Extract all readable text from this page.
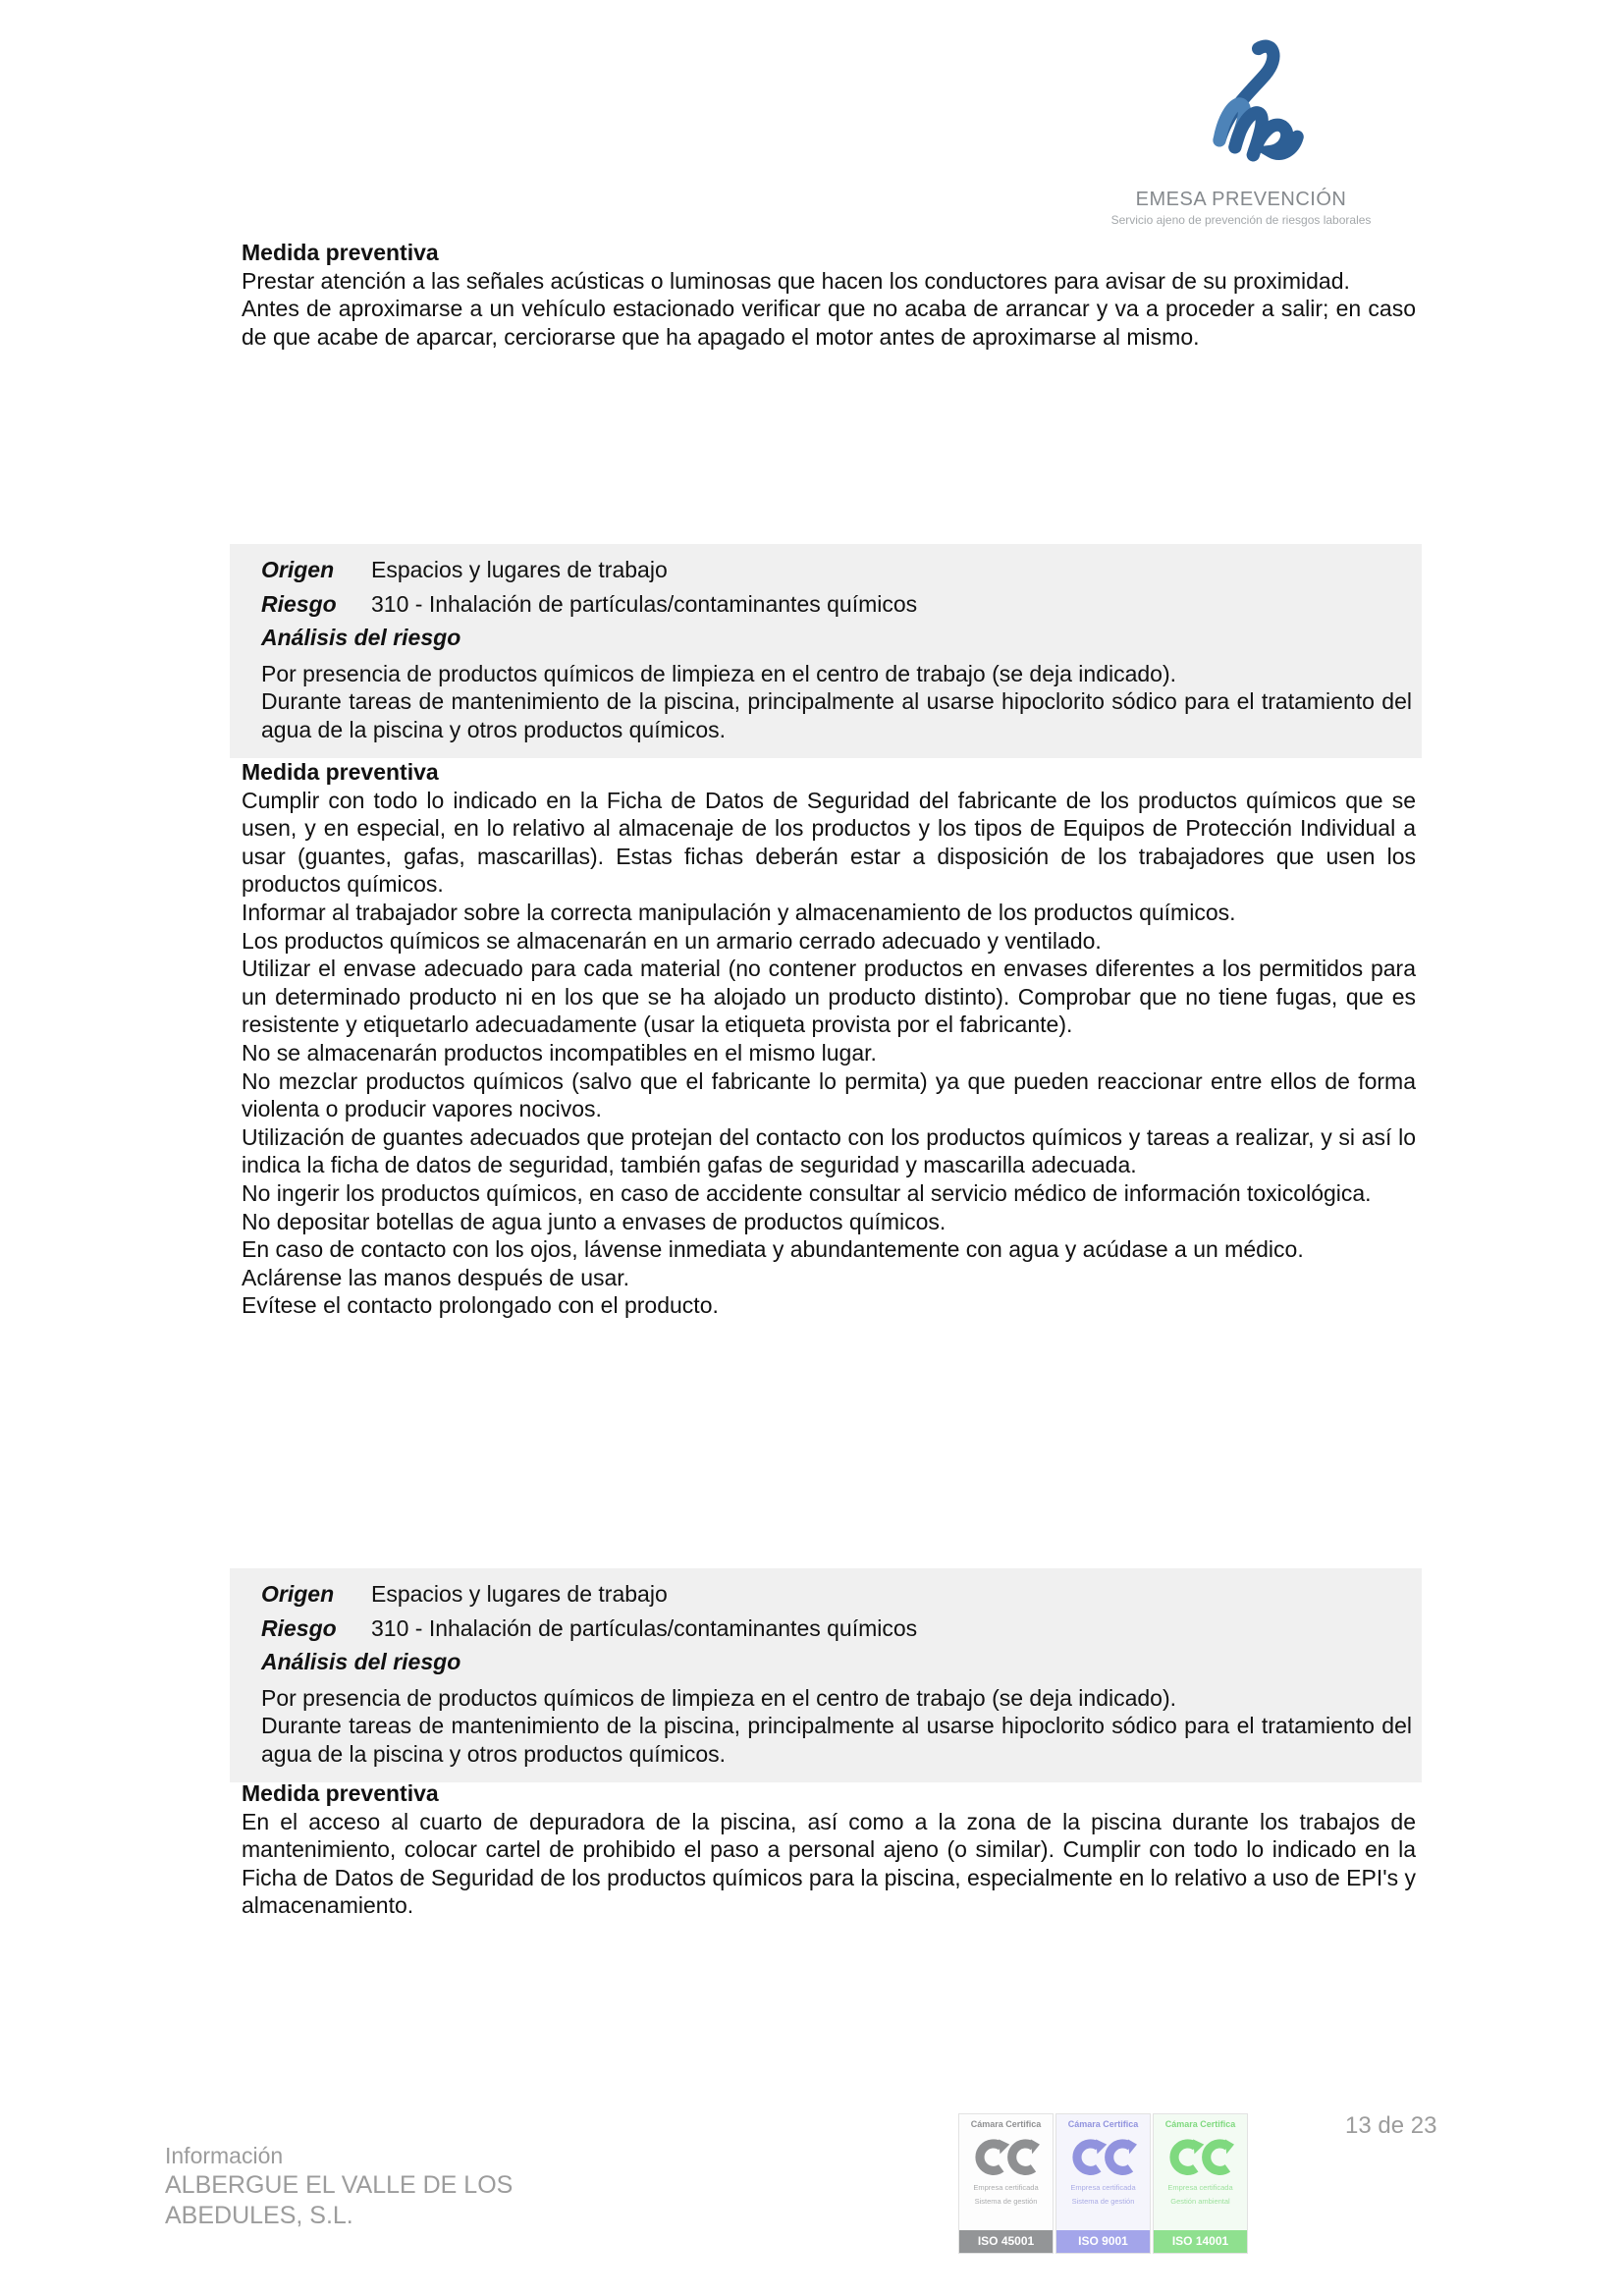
EMESA PREVENCIÓN
Servicio ajeno de prevención de riesgos laborales
Medida preventiva

Prestar atención a las señales acústicas o luminosas que hacen los conductores para avisar de su proximidad.

Antes de aproximarse a un vehículo estacionado verificar que no acaba de arrancar y va a proceder a salir; en caso de que acabe de aparcar, cerciorarse que ha apagado el motor antes de aproximarse al mismo.

Origen	Espacios y lugares de trabajo
Riesgo	310 - Inhalación de partículas/contaminantes químicos
Análisis del riesgo

Por presencia de productos químicos de limpieza en el centro de trabajo (se deja indicado).

Durante tareas de mantenimiento de la piscina, principalmente al usarse hipoclorito sódico para el tratamiento del agua de la piscina y otros productos químicos.

Medida preventiva

Cumplir con todo lo indicado en la Ficha de Datos de Seguridad del fabricante de los productos químicos que se usen, y en especial, en lo relativo al almacenaje de los productos y los tipos de Equipos de Protección Individual a usar (guantes, gafas, mascarillas). Estas fichas deberán estar a disposición de los trabajadores que usen los productos químicos.

Informar al trabajador sobre la correcta manipulación y almacenamiento de los productos químicos.

Los productos químicos se almacenarán en un armario cerrado adecuado y ventilado.

Utilizar el envase adecuado para cada material (no contener productos en envases diferentes a los permitidos para un determinado producto ni en los que se ha alojado un producto distinto). Comprobar que no tiene fugas, que es resistente y etiquetarlo adecuadamente (usar la etiqueta provista por el fabricante).

No se almacenarán productos incompatibles en el mismo lugar.

No mezclar productos químicos (salvo que el fabricante lo permita) ya que pueden reaccionar entre ellos de forma violenta o producir vapores nocivos.

Utilización de guantes adecuados que protejan del contacto con los productos químicos y tareas a realizar, y si así lo indica la ficha de datos de seguridad, también gafas de seguridad y mascarilla adecuada.

No ingerir los productos químicos, en caso de accidente consultar al servicio médico de información toxicológica.

No depositar botellas de agua junto a envases de productos químicos.

En caso de contacto con los ojos, lávense inmediata y abundantemente con agua y acúdase a un médico.

Aclárense las manos después de usar.

Evítese el contacto prolongado con el producto.

Origen	Espacios y lugares de trabajo
Riesgo	310 - Inhalación de partículas/contaminantes químicos
Análisis del riesgo

Por presencia de productos químicos de limpieza en el centro de trabajo (se deja indicado).

Durante tareas de mantenimiento de la piscina, principalmente al usarse hipoclorito sódico para el tratamiento del agua de la piscina y otros productos químicos.

Medida preventiva

En el acceso al cuarto de depuradora de la piscina, así como a la zona de la piscina durante los trabajos de mantenimiento, colocar cartel de prohibido el paso a personal ajeno (o similar). Cumplir con todo lo indicado en la Ficha de Datos de Seguridad de los productos químicos para la piscina, especialmente en lo relativo a uso de EPI's y almacenamiento.

Información
ALBERGUE EL VALLE DE LOS
ABEDULES, S.L.
Cámara Certifica
Empresa certificada
Sistema de gestión
ISO 45001
Cámara Certifica
Empresa certificada
Sistema de gestión
ISO 9001
Cámara Certifica
Empresa certificada
Gestión ambiental
ISO 14001
13 de 23
